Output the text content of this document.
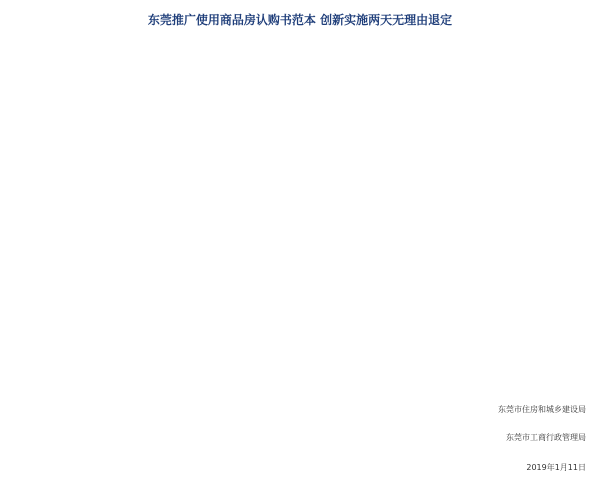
东莞推广使用商品房认购书范本 创新实施两天无理由退定
东莞市住房和城乡建设局
东莞市工商行政管理局
2019年1月11日
